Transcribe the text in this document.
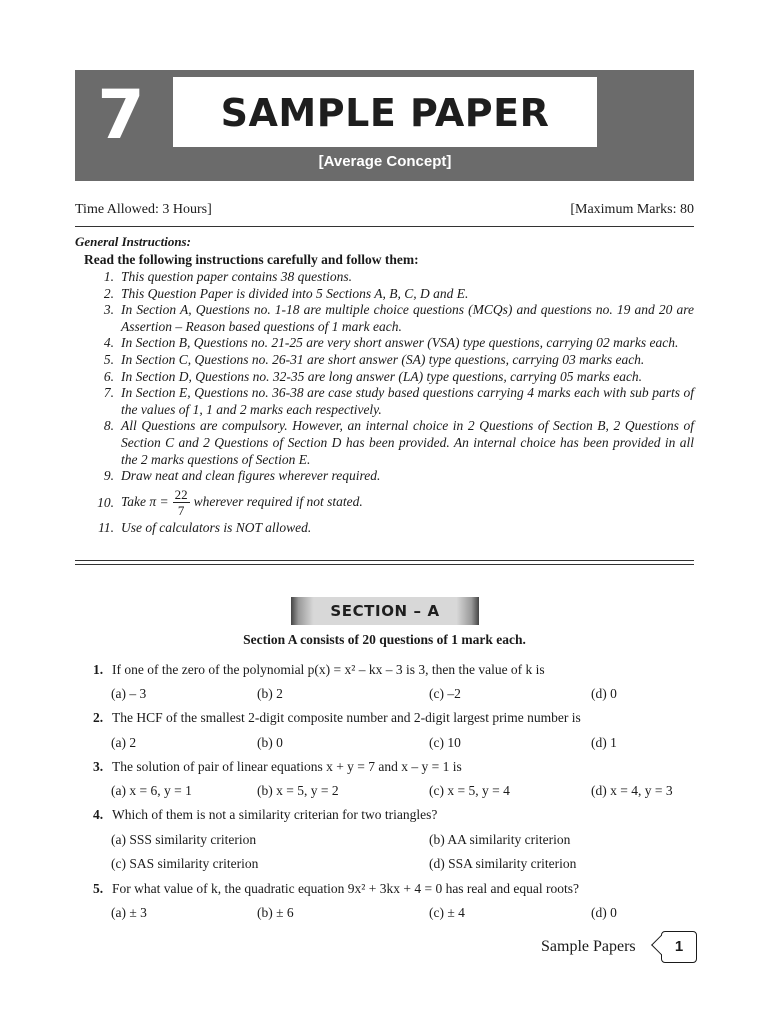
7	SAMPLE PAPER
[Average Concept]
Time Allowed: 3 Hours]	[Maximum Marks: 80
General Instructions:
Read the following instructions carefully and follow them:
1. This question paper contains 38 questions.
2. This Question Paper is divided into 5 Sections A, B, C, D and E.
3. In Section A, Questions no. 1-18 are multiple choice questions (MCQs) and questions no. 19 and 20 are Assertion – Reason based questions of 1 mark each.
4. In Section B, Questions no. 21-25 are very short answer (VSA) type questions, carrying 02 marks each.
5. In Section C, Questions no. 26-31 are short answer (SA) type questions, carrying 03 marks each.
6. In Section D, Questions no. 32-35 are long answer (LA) type questions, carrying 05 marks each.
7. In Section E, Questions no. 36-38 are case study based questions carrying 4 marks each with sub parts of the values of 1, 1 and 2 marks each respectively.
8. All Questions are compulsory. However, an internal choice in 2 Questions of Section B, 2 Questions of Section C and 2 Questions of Section D has been provided. An internal choice has been provided in all the 2 marks questions of Section E.
9. Draw neat and clean figures wherever required.
10. Take $\pi = \frac{22}{7}$ wherever required if not stated.
11. Use of calculators is NOT allowed.
SECTION – A
Section A consists of 20 questions of 1 mark each.
1. If one of the zero of the polynomial p(x) = x² – kx – 3 is 3, then the value of k is
(a) – 3	(b) 2	(c) –2	(d) 0
2. The HCF of the smallest 2-digit composite number and 2-digit largest prime number is
(a) 2	(b) 0	(c) 10	(d) 1
3. The solution of pair of linear equations x + y = 7 and x – y = 1 is
(a) x = 6, y = 1	(b) x = 5, y = 2	(c) x = 5, y = 4	(d) x = 4, y = 3
4. Which of them is not a similarity criterian for two triangles?
(a) SSS similarity criterion	(b) AA similarity criterion
(c) SAS similarity criterion	(d) SSA similarity criterion
5. For what value of k, the quadratic equation 9x² + 3kx + 4 = 0 has real and equal roots?
(a) ± 3	(b) ± 6	(c) ± 4	(d) 0
Sample Papers	1
